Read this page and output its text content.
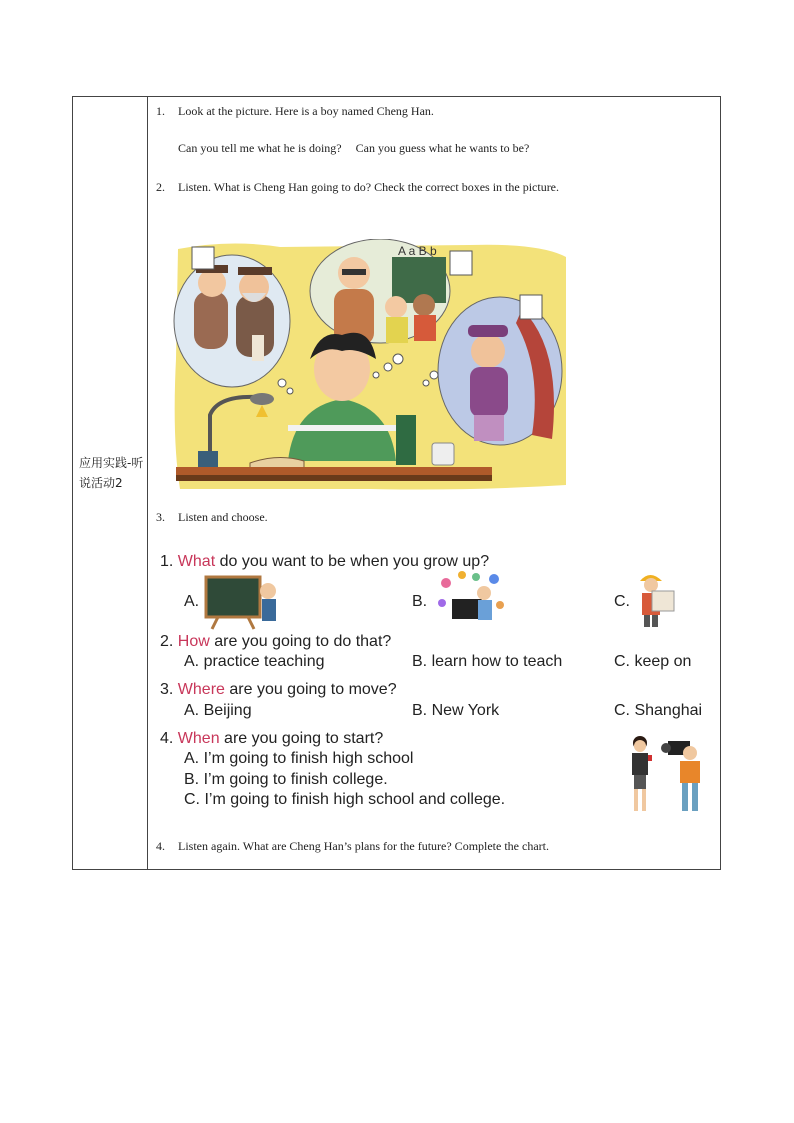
应用实践-听说活动2
1. Look at the picture. Here is a boy named Cheng Han.
Can you tell me what he is doing? Can you guess what he wants to be?
2. Listen. What is Cheng Han going to do? Check the correct boxes in the picture.
A a B b
3. Listen and choose.
1. What do you want to be when you grow up?
A.	B.	C.
2. How are you going to do that?
A. practice teaching	B. learn how to teach	C. keep on
3. Where are you going to move?
A. Beijing	B. New York	C. Shanghai
4. When are you going to start?
A. I’m going to finish high school
B. I’m going to finish college.
C. I’m going to finish high school and college.
4. Listen again. What are Cheng Han’s plans for the future? Complete the chart.
